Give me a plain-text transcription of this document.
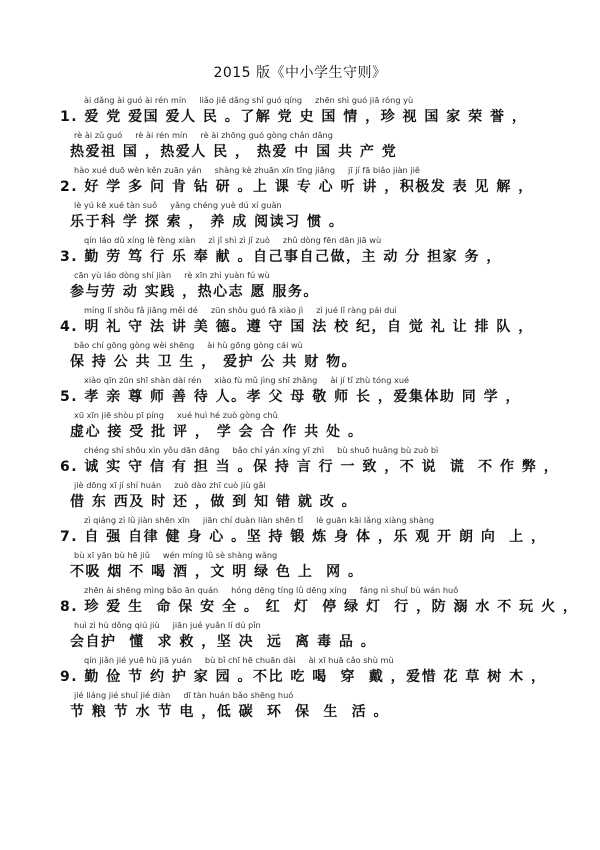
2015 版《中小学生守则》
ài dǎng ài guó ài rén mín     liǎo jiě dǎng shǐ guó qíng     zhēn shì guó jiā róng yù
1. 爱 党 爱国 爱人 民 。了解 党 史 国 情 ，珍 视 国 家 荣 誉 ，
rè ài zǔ guó     rè ài rén mín     rè ài zhōng guó gòng chǎn dǎng
热爱祖 国 ，热爱人 民 ， 热爱 中 国 共 产 党
hào xué duō wèn kěn zuān yán     shàng kè zhuān xīn tīng jiǎng     jī jí fā biǎo jiàn jiě
2. 好 学 多 问 肯 钻 研 。上 课 专 心 听 讲 ，积极发 表 见 解 ，
lè yú kē xué tàn suǒ     yǎng chéng yuè dú xí guàn
乐于科 学 探 索 ， 养 成 阅读习 惯 。
qín láo dǔ xíng lè fèng xiàn     zì jǐ shì zì jǐ zuò     zhǔ dòng fēn dān jiā wù
3. 勤 劳 笃 行 乐 奉 献 。自己事自己做，主 动 分 担家 务 ，
cān yù láo dòng shí jiàn     rè xīn zhì yuàn fú wù
参与劳 动 实践 ，热心志 愿 服务。
míng lǐ shǒu fǎ jiǎng měi dé     zūn shǒu guó fǎ xiào jì     zì jué lǐ ràng pái duì
4. 明 礼 守 法 讲 美 德。遵 守 国 法 校 纪，自 觉 礼 让 排 队 ，
bǎo chí gōng gòng wèi shēng     ài hù gōng gòng cái wù
保 持 公 共 卫 生 ， 爱护 公 共 财 物。
xiào qīn zūn shī shàn dài rén     xiào fù mǔ jìng shī zhǎng     ài jí tǐ zhù tóng xué
5. 孝 亲 尊 师 善 待 人。孝 父 母 敬 师 长 ，爱集体助 同 学 ，
xū xīn jiē shòu pī píng     xué huì hé zuò gòng chǔ
虚心 接 受 批 评 ， 学 会 合 作 共 处 。
chéng shí shǒu xìn yǒu dān dāng     bǎo chí yán xíng yī zhì     bù shuō huǎng bù zuò bì
6. 诚 实 守 信 有 担 当 。保 持 言 行 一 致 ，不 说  谎  不 作 弊 ，
jiè dōng xī jí shí huán     zuò dào zhī cuò jiù gǎi
借 东 西及 时 还 ，做 到 知 错 就 改 。
zì qiáng zì lǜ jiàn shēn xīn     jiān chí duàn liàn shēn tǐ     lè guān kāi lǎng xiàng shàng
7. 自 强 自律 健 身 心 。坚 持 锻 炼 身 体 ，乐 观 开 朗 向  上 ，
bù xī yān bù hē jiǔ     wén míng lǜ sè shàng wǎng
不吸 烟 不 喝 酒 ，文 明 绿 色 上  网 。
zhēn ài shēng mìng bǎo ān quán     hóng dēng tíng lǜ dēng xíng     fáng nì shuǐ bù wán huǒ
8. 珍 爱 生  命 保 安 全 。 红  灯  停 绿 灯  行 ，防 溺 水 不 玩 火 ，
huì zì hù dǒng qiú jiù     jiān jué yuǎn lí dú pǐn
会自护  懂  求 救 ，坚 决  远  离 毒 品 。
qín jiǎn jié yuē hù jiā yuán     bù bǐ chī hē chuān dài     ài xī huā cǎo shù mù
9. 勤 俭 节 约 护 家 园 。不比 吃 喝  穿  戴 ，爱惜 花 草 树 木 ，
jié liáng jié shuǐ jié diàn     dī tàn huán bǎo shēng huó
节 粮 节 水 节 电 ，低 碳  环  保  生  活 。
